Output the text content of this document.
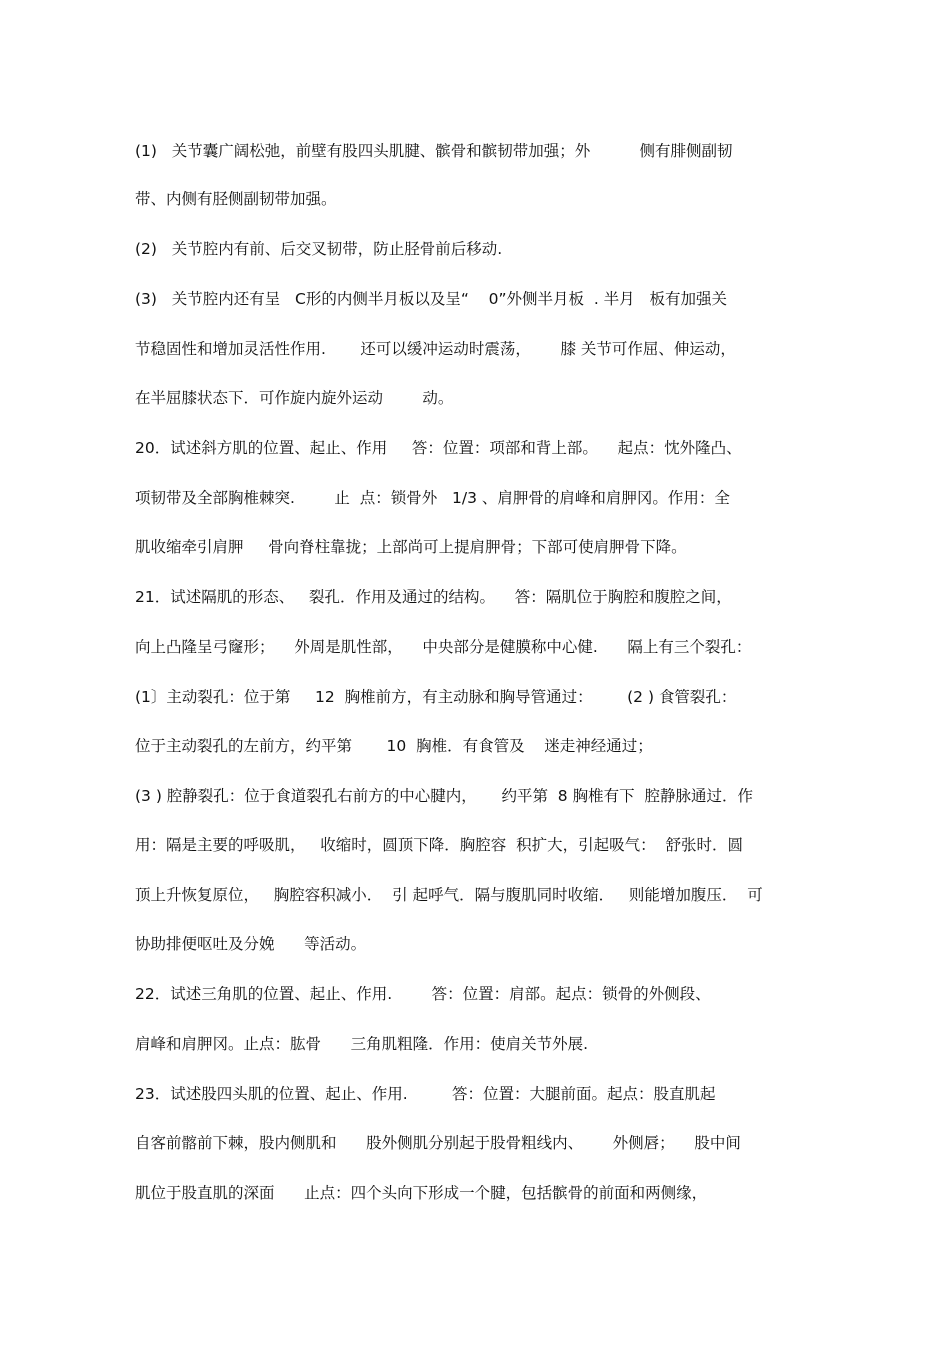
(1)   关节囊广阔松弛，前壁有股四头肌腱、髌骨和髌韧带加强；外          侧有腓侧副韧
带、内侧有胫侧副韧带加强。
(2)   关节腔内有前、后交叉韧带，防止胫骨前后移动.
(3)   关节腔内还有呈   C形的内侧半月板以及呈“    0”外侧半月板  . 半月   板有加强关
节稳固性和增加灵活性作用.       还可以缓冲运动时震荡，      膝 关节可作屈、伸运动，
在半屈膝状态下．可作旋内旋外运动        动。
20．试述斜方肌的位置、起止、作用     答：位置：项部和背上部。    起点：忱外隆凸、
项韧带及全部胸椎棘突.        止  点：锁骨外   1/3 、肩胛骨的肩峰和肩胛冈。作用：全
肌收缩牵引肩胛     骨向脊柱靠拢；上部尚可上提肩胛骨；下部可使肩胛骨下降。
21．试述隔肌的形态、   裂孔．作用及通过的结构。    答：隔肌位于胸腔和腹腔之间，
向上凸隆呈弓窿形；    外周是肌性部，    中央部分是健膜称中心健.      隔上有三个裂孔：
(1〕主动裂孔：位于第     12  胸椎前方，有主动脉和胸导管通过：       (2 ) 食管裂孔：
位于主动裂孔的左前方，约平第       10  胸椎．有食管及    迷走神经通过；
(3 ) 腔静裂孔：位于食道裂孔右前方的中心腱内，     约平第  8 胸椎有下  腔静脉通过．作
用：隔是主要的呼吸肌，   收缩时，圆顶下降．胸腔容  积扩大，引起吸气：  舒张时．圆
顶上升恢复原位，   胸腔容积减小．  引 起呼气．隔与腹肌同时收缩．   则能增加腹压．  可
协助排便呕吐及分娩      等活动。
22．试述三角肌的位置、起止、作用.        答：位置：肩部。起点：锁骨的外侧段、
肩峰和肩胛冈。止点：肱骨      三角肌粗隆．作用：使肩关节外展.
23．试述股四头肌的位置、起止、作用.         答：位置：大腿前面。起点：股直肌起
自客前髂前下棘，股内侧肌和      股外侧肌分别起于股骨粗线内、      外侧唇；    股中间
肌位于股直肌的深面      止点：四个头向下形成一个腱，包括髌骨的前面和两侧缘，
